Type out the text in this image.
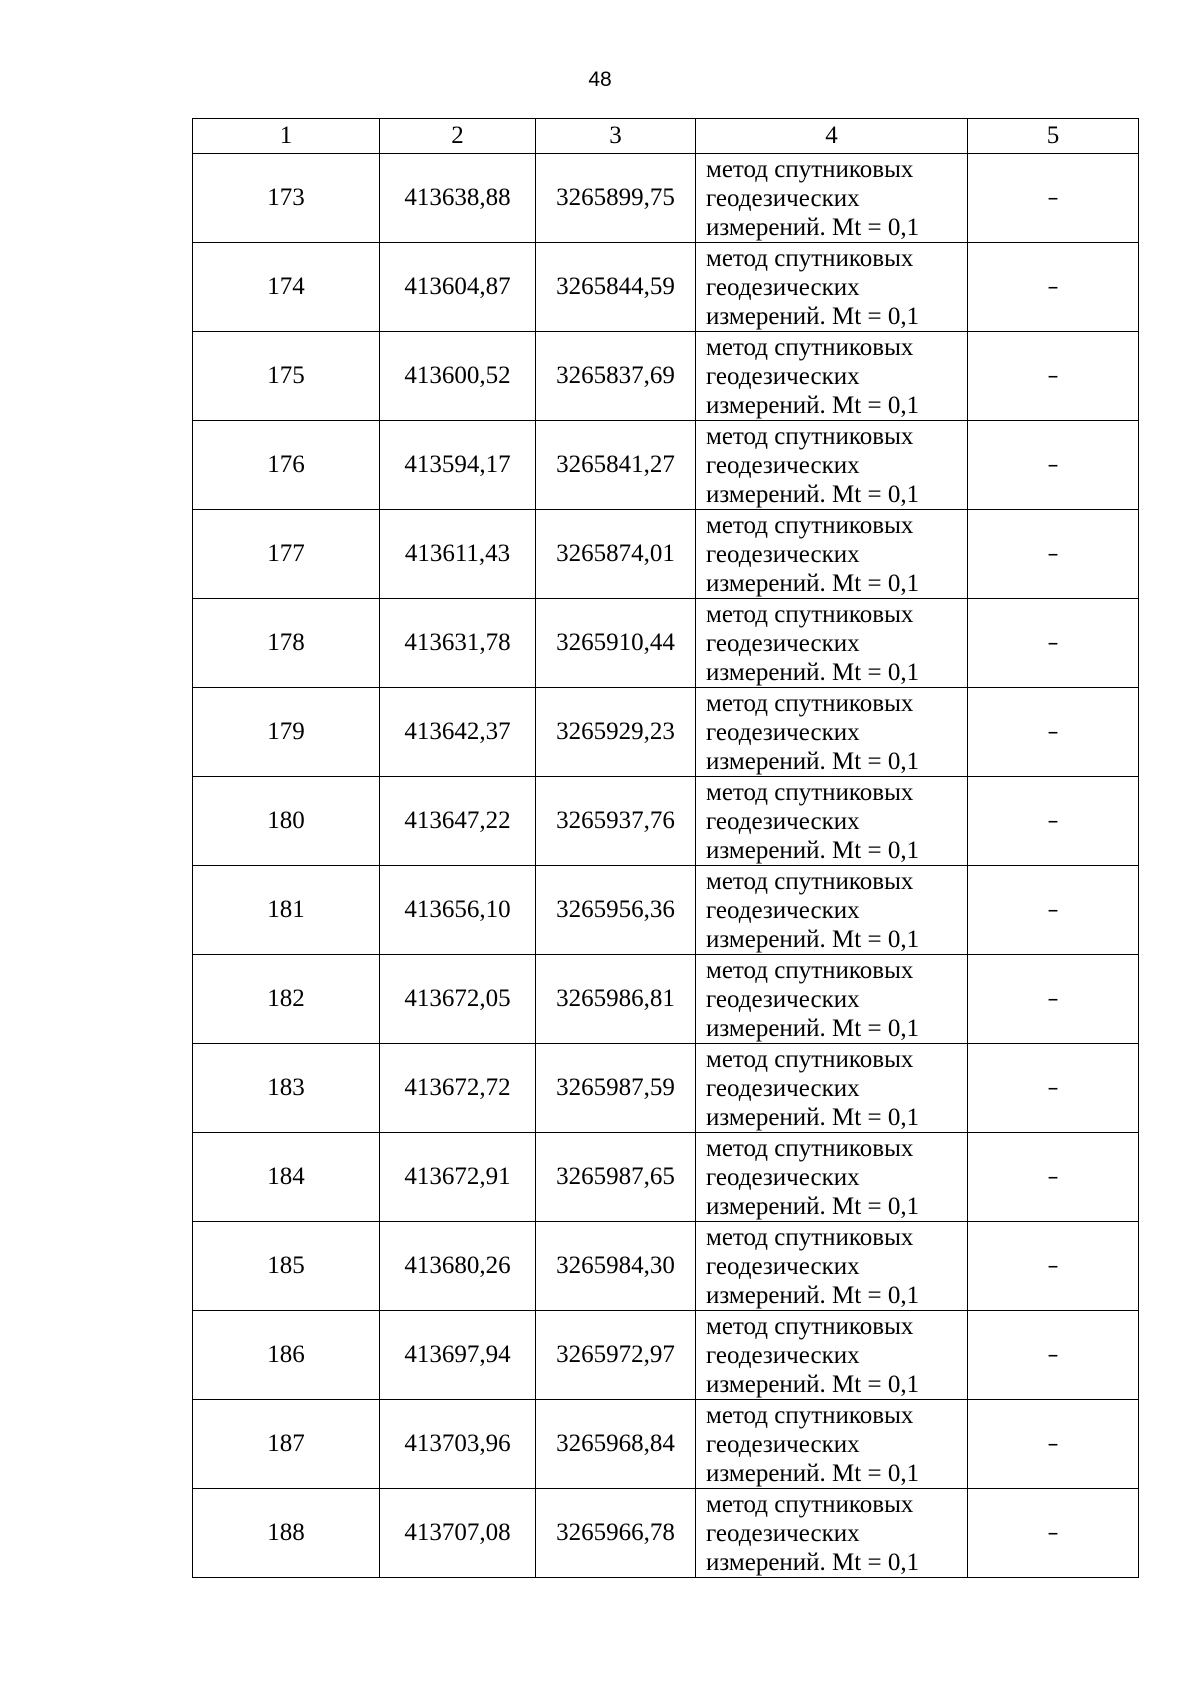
48
1	2	3	4	5
173	413638,88	3265899,75	метод спутниковых геодезических измерений. Mt = 0,1	–
174	413604,87	3265844,59	метод спутниковых геодезических измерений. Mt = 0,1	–
175	413600,52	3265837,69	метод спутниковых геодезических измерений. Mt = 0,1	–
176	413594,17	3265841,27	метод спутниковых геодезических измерений. Mt = 0,1	–
177	413611,43	3265874,01	метод спутниковых геодезических измерений. Mt = 0,1	–
178	413631,78	3265910,44	метод спутниковых геодезических измерений. Mt = 0,1	–
179	413642,37	3265929,23	метод спутниковых геодезических измерений. Mt = 0,1	–
180	413647,22	3265937,76	метод спутниковых геодезических измерений. Mt = 0,1	–
181	413656,10	3265956,36	метод спутниковых геодезических измерений. Mt = 0,1	–
182	413672,05	3265986,81	метод спутниковых геодезических измерений. Mt = 0,1	–
183	413672,72	3265987,59	метод спутниковых геодезических измерений. Mt = 0,1	–
184	413672,91	3265987,65	метод спутниковых геодезических измерений. Mt = 0,1	–
185	413680,26	3265984,30	метод спутниковых геодезических измерений. Mt = 0,1	–
186	413697,94	3265972,97	метод спутниковых геодезических измерений. Mt = 0,1	–
187	413703,96	3265968,84	метод спутниковых геодезических измерений. Mt = 0,1	–
188	413707,08	3265966,78	метод спутниковых геодезических измерений. Mt = 0,1	–
